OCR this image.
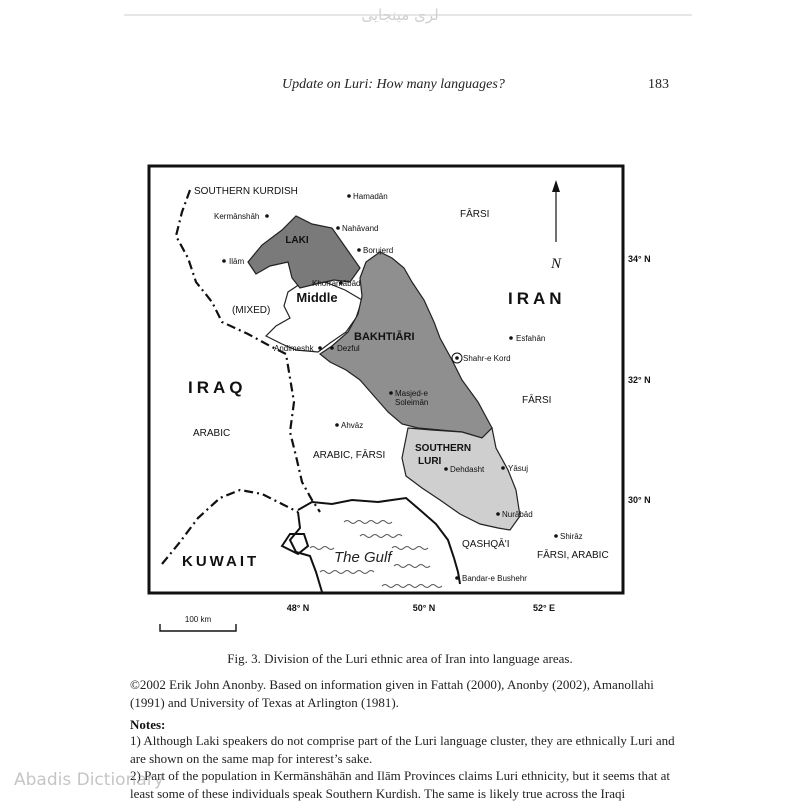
لری مینجایی
Update on Luri: How many languages?	183
N
LAKI
Middle
BAKHTIĀRI
SOUTHERN
LURI
(MIXED)
IRAN
IRAQ
KUWAIT
SOUTHERN KURDISH
FĀRSI
FĀRSI
ARABIC
ARABIC, FĀRSI
QASHQĀ'I
FĀRSI, ARABIC
Hamadān
Kermānshāh
Nahāvand
Borujerd
Ilām
Khorramābād
Esfahān
Andimeshk	Dezful
Shahr-e Kord
Masjed-e
Soleimān
Ahvāz
Dehdasht	Yāsuj
Nurābād
Shirāz
Bandar-e Bushehr
The Gulf
34° N
32° N
30° N
48° N	50° N	52° E
100 km
Fig. 3. Division of the Luri ethnic area of Iran into language areas.
©2002 Erik John Anonby. Based on information given in Fattah (2000), Anonby (2002), Amanollahi (1991) and University of Texas at Arlington (1981).
Notes:
1) Although Laki speakers do not comprise part of the Luri language cluster, they are ethnically Luri and are shown on the same map for interest’s sake.
2) Part of the population in Kermānshāhān and Ilām Provinces claims Luri ethnicity, but it seems that at least some of these individuals speak Southern Kurdish. The same is likely true across the Iraqi
Abadis Dictionary
